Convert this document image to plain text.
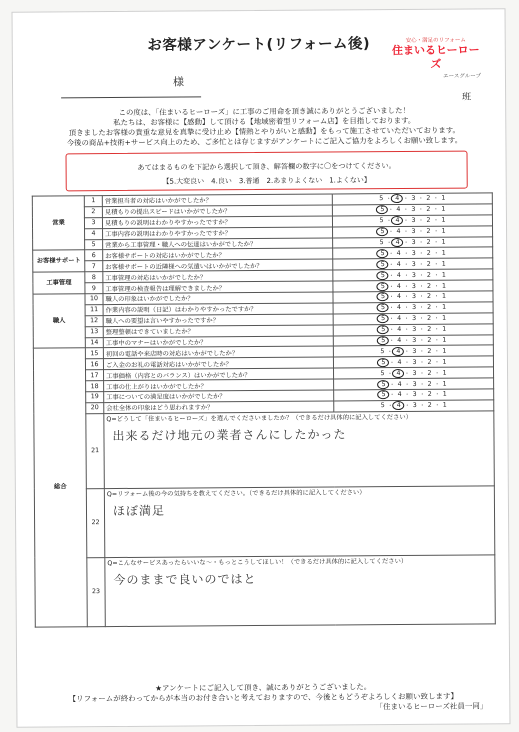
お客様アンケート(リフォーム後)	安心・満足のリフォーム
住まいるヒーローズ
エースグループ
様
班
この度は、「住まいるヒーローズ」に工事のご用命を頂き誠にありがとうございました！
私たちは、お客様に【感動】して頂ける【地域密着型リフォーム店】を目指しております。
頂きましたお客様の貴重な意見を真摯に受け止め【情熱とやりがいと感動】をもって施工させていただいております。
今後の商品+技術+サービス向上のため、ご多忙とは存じますがアンケートにご記入ご協力をよろしくお願い致します。
あてはまるものを下記から選択して頂き、解答欄の数字に〇をつけてください。
【5.大変良い　4.良い　3.普通　2.あまりよくない　1.よくない】
営業	1	営業担当者の対応はいかがでしたか？	5 ・ 4 ・ 3 ・ 2 ・ 1
	2	見積もりの提出スピードはいかがでしたか？	5 ・ 4 ・ 3 ・ 2 ・ 1
	3	見積もりの説明はわかりやすかったですか？	5 ・ 4 ・ 3 ・ 2 ・ 1
	4	工事内容の説明はわかりやすかったですか？	5 ・ 4 ・ 3 ・ 2 ・ 1
	5	営業から工事管理・職人への伝達はいかがでしたか？	5 ・ 4 ・ 3 ・ 2 ・ 1
お客様サポート	6	お客様サポートの対応はいかがでしたか？	5 ・ 4 ・ 3 ・ 2 ・ 1
	7	お客様サポートの近隣様への気遣いはいかがでしたか？	5 ・ 4 ・ 3 ・ 2 ・ 1
工事管理	8	工事管理の対応はいかがでしたか？	5 ・ 4 ・ 3 ・ 2 ・ 1
	9	工事管理の検査報告は理解できましたか？	5 ・ 4 ・ 3 ・ 2 ・ 1
職人	10	職人の印象はいかがでしたか？	5 ・ 4 ・ 3 ・ 2 ・ 1
	11	作業内容の説明（日記）はわかりやすかったですか？	5 ・ 4 ・ 3 ・ 2 ・ 1
	12	職人への要望は言いやすかったですか？	5 ・ 4 ・ 3 ・ 2 ・ 1
	13	整理整頓はできていましたか？	5 ・ 4 ・ 3 ・ 2 ・ 1
	14	工事中のマナーはいかがでしたか？	5 ・ 4 ・ 3 ・ 2 ・ 1
総合	15	初回の電話や来店時の対応はいかがでしたか？	5 ・ 4 ・ 3 ・ 2 ・ 1
	16	ご入金のお礼の電話対応はいかがでしたか？	5 ・ 4 ・ 3 ・ 2 ・ 1
	17	工事価格（内容とのバランス）はいかがでしたか？	5 ・ 4 ・ 3 ・ 2 ・ 1
	18	工事の仕上がりはいかがでしたか？	5 ・ 4 ・ 3 ・ 2 ・ 1
	19	工事についての満足度はいかがでしたか？	5 ・ 4 ・ 3 ・ 2 ・ 1
	20	会社全体の印象はどう思われますか？	5 ・ 4 ・ 3 ・ 2 ・ 1
	21	Q=どうして「住まいるヒーローズ」を選んでくださいましたか？（できるだけ具体的に記入してください）
出来るだけ地元の業者さんにしたかった	

	22	Q=リフォーム後の今の気持ちを教えてください。（できるだけ具体的に記入してください）
ほぼ満足	

	23	Q=こんなサービスあったらいいな～・もっとこうしてほしい！（できるだけ具体的に記入してください）
今のままで良いのではと	
★アンケートにご記入して頂き、誠にありがとうございました。
【リフォームが終わってからが本当のお付き合いと考えておりますので、今後ともどうぞよろしくお願い致します】
「住まいるヒーローズ社員一同」
